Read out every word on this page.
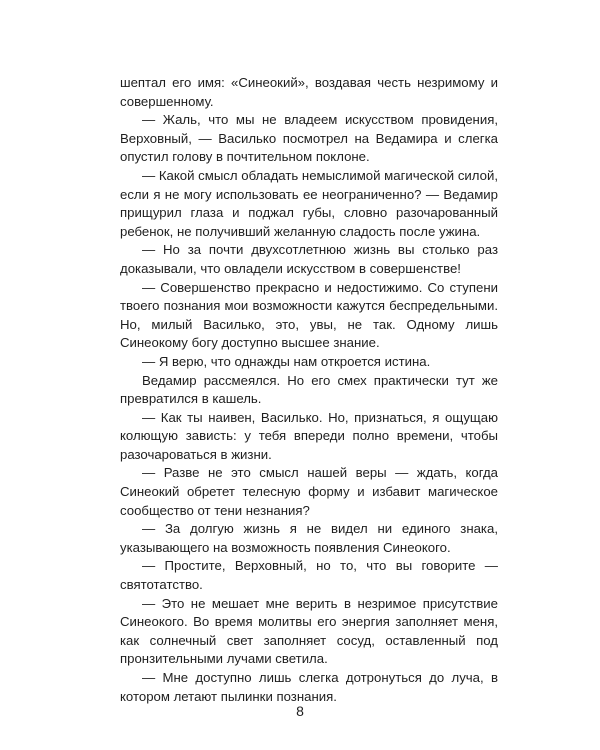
шептал его имя: «Синеокий», воздавая честь незримому и совершенному.

— Жаль, что мы не владеем искусством провидения, Верховный, — Василько посмотрел на Ведамира и слегка опустил голову в почтительном поклоне.

— Какой смысл обладать немыслимой магической силой, если я не могу использовать ее неограниченно? — Ведамир прищурил глаза и поджал губы, словно разочарованный ребенок, не получивший желанную сладость после ужина.

— Но за почти двухсотлетнюю жизнь вы столько раз доказывали, что овладели искусством в совершенстве!

— Совершенство прекрасно и недостижимо. Со ступени твоего познания мои возможности кажутся беспредельными. Но, милый Василько, это, увы, не так. Одному лишь Синеокому богу доступно высшее знание.

— Я верю, что однажды нам откроется истина.

Ведамир рассмеялся. Но его смех практически тут же превратился в кашель.

— Как ты наивен, Василько. Но, признаться, я ощущаю колющую зависть: у тебя впереди полно времени, чтобы разочароваться в жизни.

— Разве не это смысл нашей веры — ждать, когда Синеокий обретет телесную форму и избавит магическое сообщество от тени незнания?

— За долгую жизнь я не видел ни единого знака, указывающего на возможность появления Синеокого.

— Простите, Верховный, но то, что вы говорите — святотатство.

— Это не мешает мне верить в незримое присутствие Синеокого. Во время молитвы его энергия заполняет меня, как солнечный свет заполняет сосуд, оставленный под пронзительными лучами светила.

— Мне доступно лишь слегка дотронуться до луча, в котором летают пылинки познания.

8
